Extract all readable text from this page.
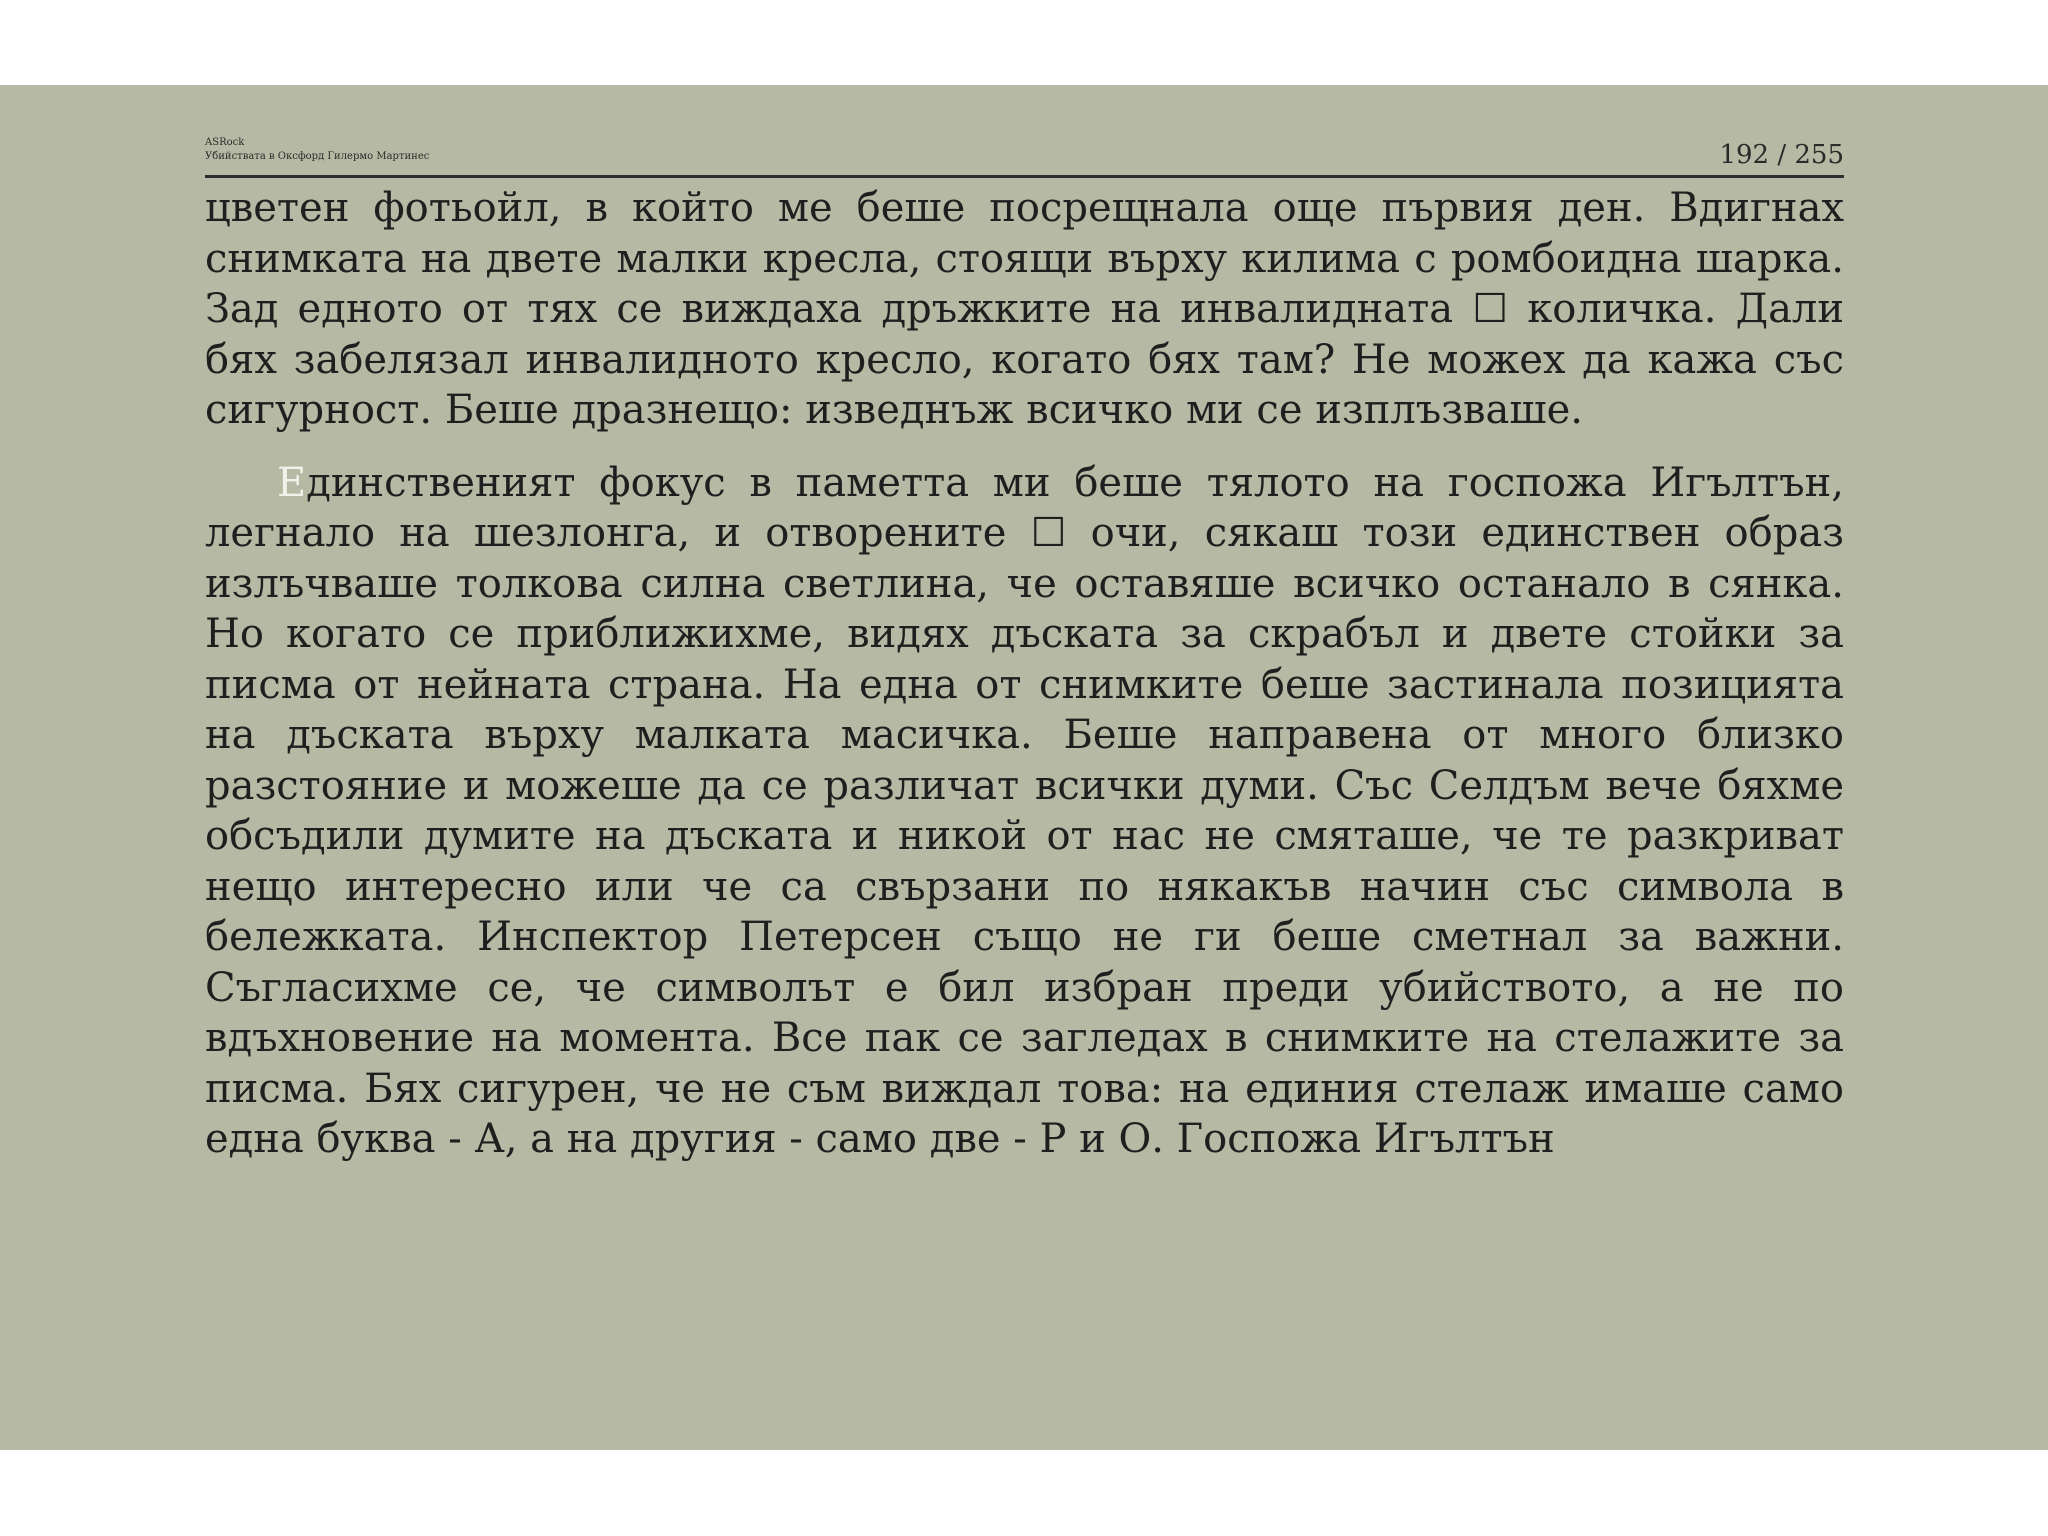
ASRock
Убийствата в Оксфорд Гилермо Мартинес	192 / 255

цветен фотьойл, в който ме беше посрещнала още първия ден. Вдигнах снимката на двете малки кресла, стоящи върху килима с ромбоидна шарка. Зад едното от тях се виждаха дръжките на инвалидната ☐ количка. Дали бях забелязал инвалидното кресло, когато бях там? Не можех да кажа със сигурност. Беше дразнещо: изведнъж всичко ми се изплъзваше.

Единственият фокус в паметта ми беше тялото на госпожа Игълтън, легнало на шезлонга, и отворените ☐ очи, сякаш този единствен образ излъчваше толкова силна светлина, че оставяше всичко останало в сянка. Но когато се приближихме, видях дъската за скрабъл и двете стойки за писма от нейната страна. На една от снимките беше застинала позицията на дъската върху малката масичка. Беше направена от много близко разстояние и можеше да се различат всички думи. Със Селдъм вече бяхме обсъдили думите на дъската и никой от нас не смяташе, че те разкриват нещо интересно или че са свързани по някакъв начин със символа в бележката. Инспектор Петерсен също не ги беше сметнал за важни. Съгласихме се, че символът е бил избран преди убийството, а не по вдъхновение на момента. Все пак се загледах в снимките на стелажите за писма. Бях сигурен, че не съм виждал това: на единия стелаж имаше само една буква - А, а на другия - само две - Р и О. Госпожа Игълтън
